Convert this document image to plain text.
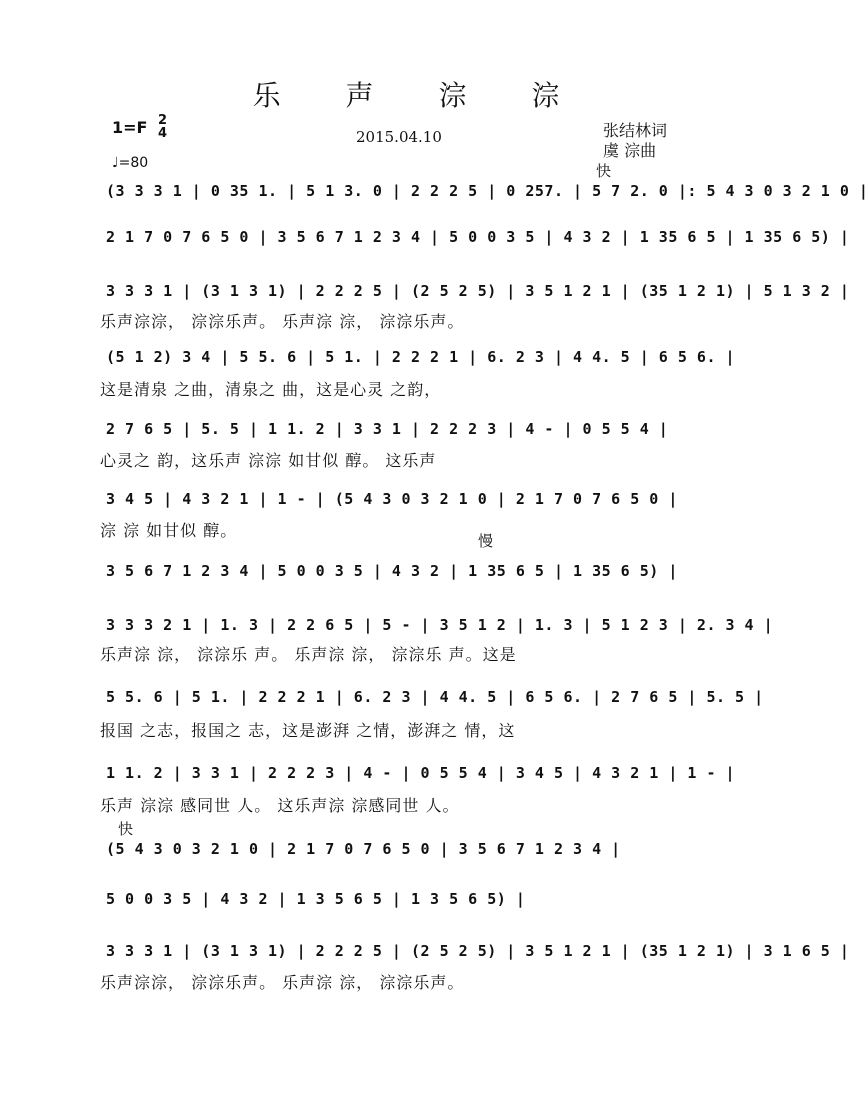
乐 声 淙 淙
1=F 2
4
♩=80
2015.04.10	张结林词
虞 淙曲
快
慢
快
(3 3 3 1 | 0 35 1. | 5 1 3. 0 | 2 2 2 5 | 0 257. | 5 7 2. 0 |: 5 4 3 0 3 2 1 0 |
2 1 7 0 7 6 5 0 | 3 5 6 7 1 2 3 4 | 5 0 0 3 5 | 4 3 2 | 1 35 6 5 | 1 35 6 5) |
3 3 3 1 | (3 1 3 1) | 2 2 2 5 | (2 5 2 5) | 3 5 1 2 1 | (35 1 2 1) | 5 1 3 2 |
乐声淙淙， 淙淙乐声。 乐声淙 淙， 淙淙乐声。
(5 1 2) 3 4 | 5 5. 6 | 5 1. | 2 2 2 1 | 6. 2 3 | 4 4. 5 | 6 5 6. |
这是清泉 之曲，清泉之 曲，这是心灵 之韵，
2 7 6 5 | 5. 5 | 1 1. 2 | 3 3 1 | 2 2 2 3 | 4 - | 0 5 5 4 |
心灵之 韵，这乐声 淙淙 如甘似 醇。 这乐声
3 4 5 | 4 3 2 1 | 1 - | (5 4 3 0 3 2 1 0 | 2 1 7 0 7 6 5 0 |
淙 淙 如甘似 醇。
3 5 6 7 1 2 3 4 | 5 0 0 3 5 | 4 3 2 | 1 35 6 5 | 1 35 6 5) |
3 3 3 2 1 | 1. 3 | 2 2 6 5 | 5 - | 3 5 1 2 | 1. 3 | 5 1 2 3 | 2. 3 4 |
乐声淙 淙， 淙淙乐 声。 乐声淙 淙， 淙淙乐 声。这是
5 5. 6 | 5 1. | 2 2 2 1 | 6. 2 3 | 4 4. 5 | 6 5 6. | 2 7 6 5 | 5. 5 |
报国 之志，报国之 志，这是澎湃 之情，澎湃之 情，这
1 1. 2 | 3 3 1 | 2 2 2 3 | 4 - | 0 5 5 4 | 3 4 5 | 4 3 2 1 | 1 - |
乐声 淙淙 感同世 人。 这乐声淙 淙感同世 人。
(5 4 3 0 3 2 1 0 | 2 1 7 0 7 6 5 0 | 3 5 6 7 1 2 3 4 |
5 0 0 3 5 | 4 3 2 | 1 3 5 6 5 | 1 3 5 6 5) |
3 3 3 1 | (3 1 3 1) | 2 2 2 5 | (2 5 2 5) | 3 5 1 2 1 | (35 1 2 1) | 3 1 6 5 |
乐声淙淙， 淙淙乐声。 乐声淙 淙， 淙淙乐声。
